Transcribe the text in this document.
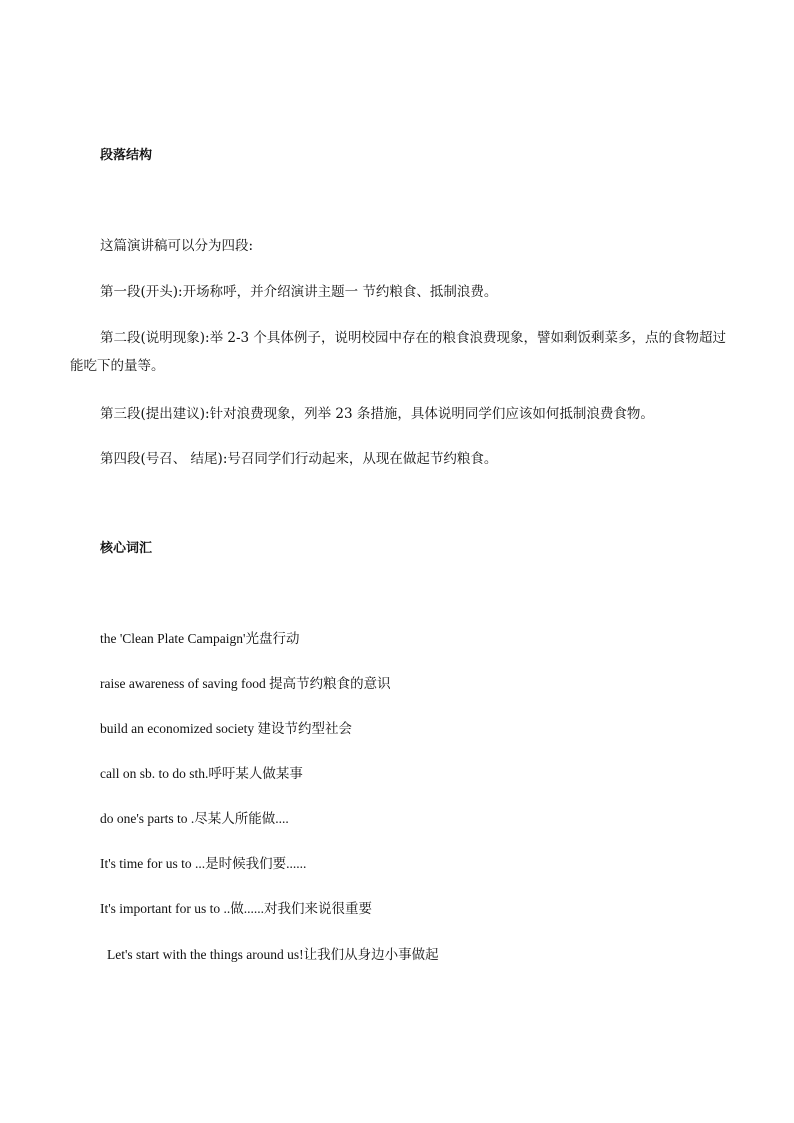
段落结构
这篇演讲稿可以分为四段:
第一段(开头):开场称呼，并介绍演讲主题一 节约粮食、抵制浪费。
第二段(说明现象):举 2-3 个具体例子，说明校园中存在的粮食浪费现象，譬如剩饭剩菜多，点的食物超过能吃下的量等。
第三段(提出建议):针对浪费现象，列举 23 条措施，具体说明同学们应该如何抵制浪费食物。
第四段(号召、 结尾):号召同学们行动起来，从现在做起节约粮食。
核心词汇
the 'Clean Plate Campaign'光盘行动
raise awareness of saving food 提高节约粮食的意识
build an economized society 建设节约型社会
call on sb. to do sth.呼吁某人做某事
do one's parts to .尽某人所能做....
It's time for us to ...是时候我们要......
It's important for us to ..做......对我们来说很重要
Let's start with the things around us!让我们从身边小事做起
